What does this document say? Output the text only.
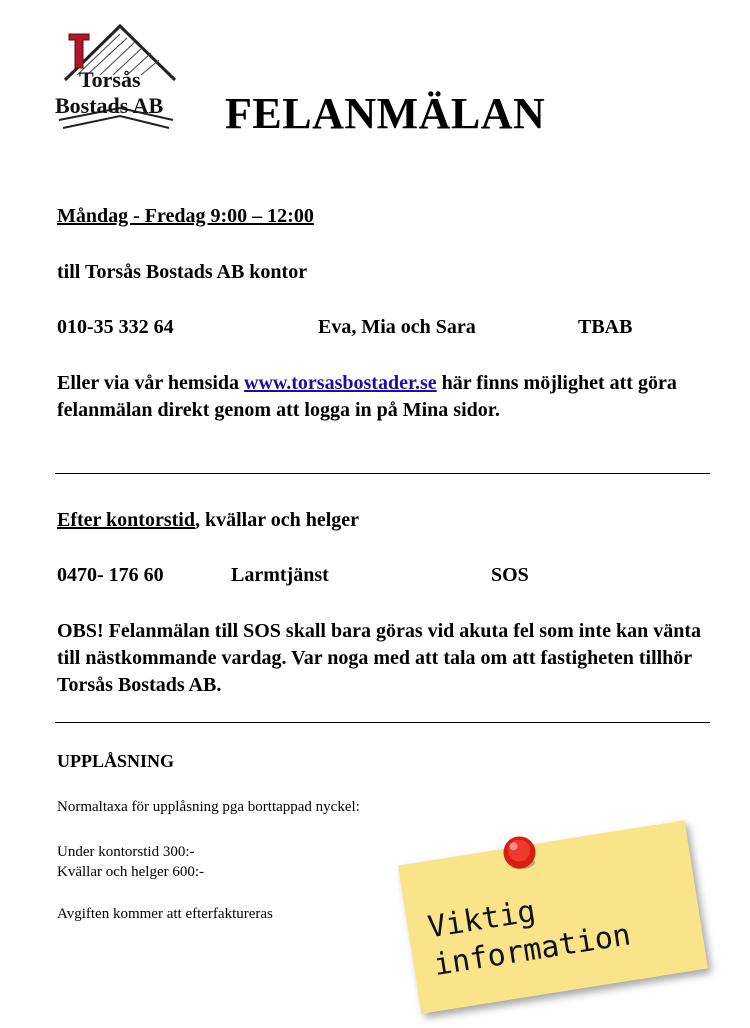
Torsås
Bostads AB FELANMÄLAN
Måndag - Fredag 9:00 – 12:00
till Torsås Bostads AB kontor
010-35 332 64	Eva, Mia och Sara	TBAB
Eller via vår hemsida www.torsasbostader.se här finns möjlighet att göra felanmälan direkt genom att logga in på Mina sidor.
Efter kontorstid, kvällar och helger
0470- 176 60	Larmtjänst	SOS
OBS! Felanmälan till SOS skall bara göras vid akuta fel som inte kan vänta till nästkommande vardag. Var noga med att tala om att fastigheten tillhör Torsås Bostads AB.
UPPLÅSNING
Normaltaxa för upplåsning pga borttappad nyckel:
Under kontorstid 300:-
Kvällar och helger 600:-
Avgiften kommer att efterfaktureras	Viktig
information
